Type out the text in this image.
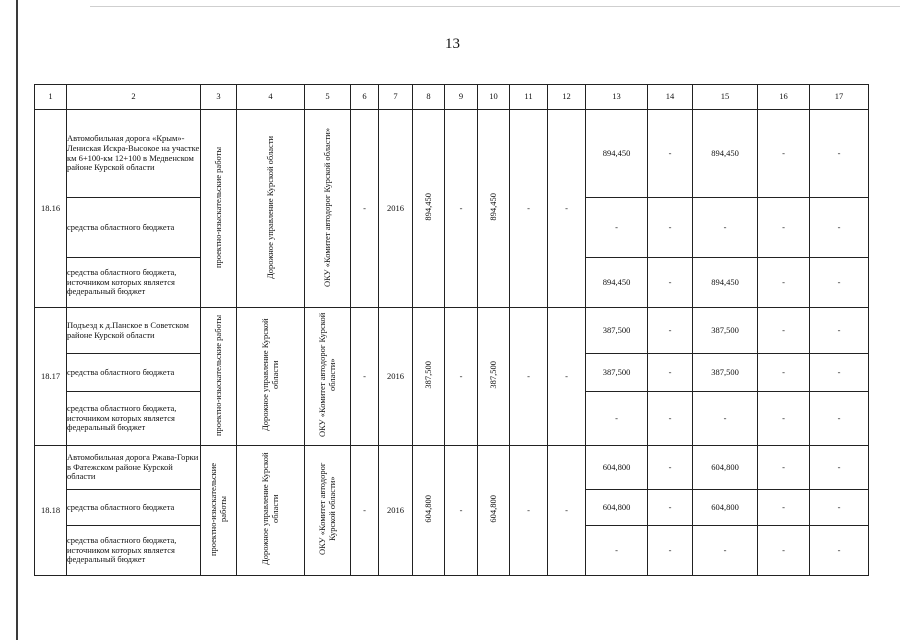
13
1	2	3	4	5	6	7	8	9	10	11	12	13	14	15	16	17
18.16	Автомобильная дорога «Крым»-Лениская Искра-Высокое на участке км 6+100-км 12+100 в Медвенском районе Курской области	проектно-изыскательские работы	Дорожное управление Курской области	ОКУ «Комитет автодорог Курской области»	-	2016	894,450	-	894,450	-	-	894,450	-	894,450	-	-
	средства областного бюджета											-	-	-	-	-
	средства областного бюджета, источником которых является федеральный бюджет											894,450	-	894,450	-	-
18.17	Подъезд к д.Панское в Советском районе Курской области	проектно-изыскательские работы	Дорожное управление Курской области	ОКУ «Комитет автодорог Курской области»	-	2016	387,500	-	387,500	-	-	387,500	-	387,500	-	-
	средства областного бюджета											387,500	-	387,500	-	-
	средства областного бюджета, источником которых является федеральный бюджет											-	-	-	-	-
18.18	Автомобильная дорога Ржава-Горки в Фатежском районе Курской области	проектно-изыскательские работы	Дорожное управление Курской области	ОКУ «Комитет автодорог Курской области»	-	2016	604,800	-	604,800	-	-	604,800	-	604,800	-	-
	средства областного бюджета											604,800	-	604,800	-	-
	средства областного бюджета, источником которых является федеральный бюджет											-	-	-	-	-
